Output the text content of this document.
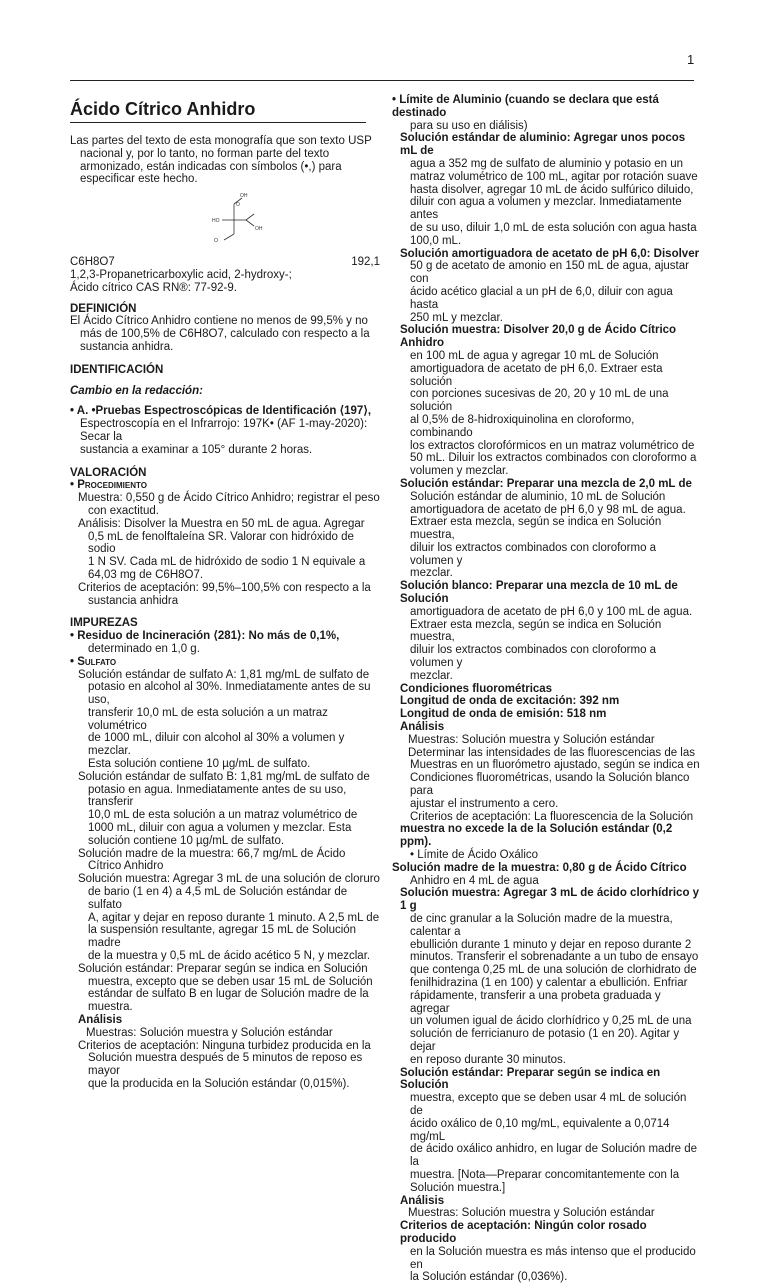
1
Ácido Cítrico Anhidro
Las partes del texto de esta monografía que son texto USP
nacional y, por lo tanto, no forman parte del texto
armonizado, están indicadas con símbolos (•,) para
especificar este hecho.
OH
O
HO
O
OH
C6H8O7	192,1
1,2,3-Propanetricarboxylic acid, 2-hydroxy-;
Ácido cítrico CAS RN®: 77-92-9.
DEFINICIÓN
El Ácido Cítrico Anhidro contiene no menos de 99,5% y no
más de 100,5% de C6H8O7, calculado con respecto a la
sustancia anhidra.
IDENTIFICACIÓN
Cambio en la redacción:
• A. •Pruebas Espectroscópicas de Identificación ⟨197⟩,
Espectroscopía en el Infrarrojo: 197K• (AF 1-may-2020): Secar la
sustancia a examinar a 105° durante 2 horas.
VALORACIÓN
• Procedimiento
Muestra: 0,550 g de Ácido Cítrico Anhidro; registrar el peso
con exactitud.
Análisis: Disolver la Muestra en 50 mL de agua. Agregar
0,5 mL de fenolftaleína SR. Valorar con hidróxido de sodio
1 N SV. Cada mL de hidróxido de sodio 1 N equivale a
64,03 mg de C6H8O7.
Criterios de aceptación: 99,5%–100,5% con respecto a la
sustancia anhidra
IMPUREZAS
• Residuo de Incineración ⟨281⟩: No más de 0,1%,
determinado en 1,0 g.
• Sulfato
Solución estándar de sulfato A: 1,81 mg/mL de sulfato de
potasio en alcohol al 30%. Inmediatamente antes de su uso,
transferir 10,0 mL de esta solución a un matraz volumétrico
de 1000 mL, diluir con alcohol al 30% a volumen y mezclar.
Esta solución contiene 10 µg/mL de sulfato.
Solución estándar de sulfato B: 1,81 mg/mL de sulfato de
potasio en agua. Inmediatamente antes de su uso, transferir
10,0 mL de esta solución a un matraz volumétrico de
1000 mL, diluir con agua a volumen y mezclar. Esta
solución contiene 10 µg/mL de sulfato.
Solución madre de la muestra: 66,7 mg/mL de Ácido
Cítrico Anhidro
Solución muestra: Agregar 3 mL de una solución de cloruro
de bario (1 en 4) a 4,5 mL de Solución estándar de sulfato
A, agitar y dejar en reposo durante 1 minuto. A 2,5 mL de
la suspensión resultante, agregar 15 mL de Solución madre
de la muestra y 0,5 mL de ácido acético 5 N, y mezclar.
Solución estándar: Preparar según se indica en Solución
muestra, excepto que se deben usar 15 mL de Solución
estándar de sulfato B en lugar de Solución madre de la
muestra.
Análisis
Muestras: Solución muestra y Solución estándar
Criterios de aceptación: Ninguna turbidez producida en la
Solución muestra después de 5 minutos de reposo es mayor
que la producida en la Solución estándar (0,015%).
• Límite de Aluminio (cuando se declara que está destinado
para su uso en diálisis)
Solución estándar de aluminio: Agregar unos pocos mL de
agua a 352 mg de sulfato de aluminio y potasio en un
matraz volumétrico de 100 mL, agitar por rotación suave
hasta disolver, agregar 10 mL de ácido sulfúrico diluido,
diluir con agua a volumen y mezclar. Inmediatamente antes
de su uso, diluir 1,0 mL de esta solución con agua hasta
100,0 mL.
Solución amortiguadora de acetato de pH 6,0: Disolver
50 g de acetato de amonio en 150 mL de agua, ajustar con
ácido acético glacial a un pH de 6,0, diluir con agua hasta
250 mL y mezclar.
Solución muestra: Disolver 20,0 g de Ácido Cítrico Anhidro
en 100 mL de agua y agregar 10 mL de Solución
amortiguadora de acetato de pH 6,0. Extraer esta solución
con porciones sucesivas de 20, 20 y 10 mL de una solución
al 0,5% de 8-hidroxiquinolina en cloroformo, combinando
los extractos clorofórmicos en un matraz volumétrico de
50 mL. Diluir los extractos combinados con cloroformo a
volumen y mezclar.
Solución estándar: Preparar una mezcla de 2,0 mL de
Solución estándar de aluminio, 10 mL de Solución
amortiguadora de acetato de pH 6,0 y 98 mL de agua.
Extraer esta mezcla, según se indica en Solución muestra,
diluir los extractos combinados con cloroformo a volumen y
mezclar.
Solución blanco: Preparar una mezcla de 10 mL de Solución
amortiguadora de acetato de pH 6,0 y 100 mL de agua.
Extraer esta mezcla, según se indica en Solución muestra,
diluir los extractos combinados con cloroformo a volumen y
mezclar.
Condiciones fluorométricas
Longitud de onda de excitación: 392 nm
Longitud de onda de emisión: 518 nm
Análisis
Muestras: Solución muestra y Solución estándar
Determinar las intensidades de las fluorescencias de las
Muestras en un fluorómetro ajustado, según se indica en
Condiciones fluorométricas, usando la Solución blanco para
ajustar el instrumento a cero.
Criterios de aceptación: La fluorescencia de la Solución
muestra no excede la de la Solución estándar (0,2 ppm).
• Límite de Ácido Oxálico
Solución madre de la muestra: 0,80 g de Ácido Cítrico
Anhidro en 4 mL de agua
Solución muestra: Agregar 3 mL de ácido clorhídrico y 1 g
de cinc granular a la Solución madre de la muestra, calentar a
ebullición durante 1 minuto y dejar en reposo durante 2
minutos. Transferir el sobrenadante a un tubo de ensayo
que contenga 0,25 mL de una solución de clorhidrato de
fenilhidrazina (1 en 100) y calentar a ebullición. Enfriar
rápidamente, transferir a una probeta graduada y agregar
un volumen igual de ácido clorhídrico y 0,25 mL de una
solución de ferricianuro de potasio (1 en 20). Agitar y dejar
en reposo durante 30 minutos.
Solución estándar: Preparar según se indica en Solución
muestra, excepto que se deben usar 4 mL de solución de
ácido oxálico de 0,10 mg/mL, equivalente a 0,0714 mg/mL
de ácido oxálico anhidro, en lugar de Solución madre de la
muestra. [Nota—Preparar concomitantemente con la
Solución muestra.]
Análisis
Muestras: Solución muestra y Solución estándar
Criterios de aceptación: Ningún color rosado producido
en la Solución muestra es más intenso que el producido en
la Solución estándar (0,036%).
